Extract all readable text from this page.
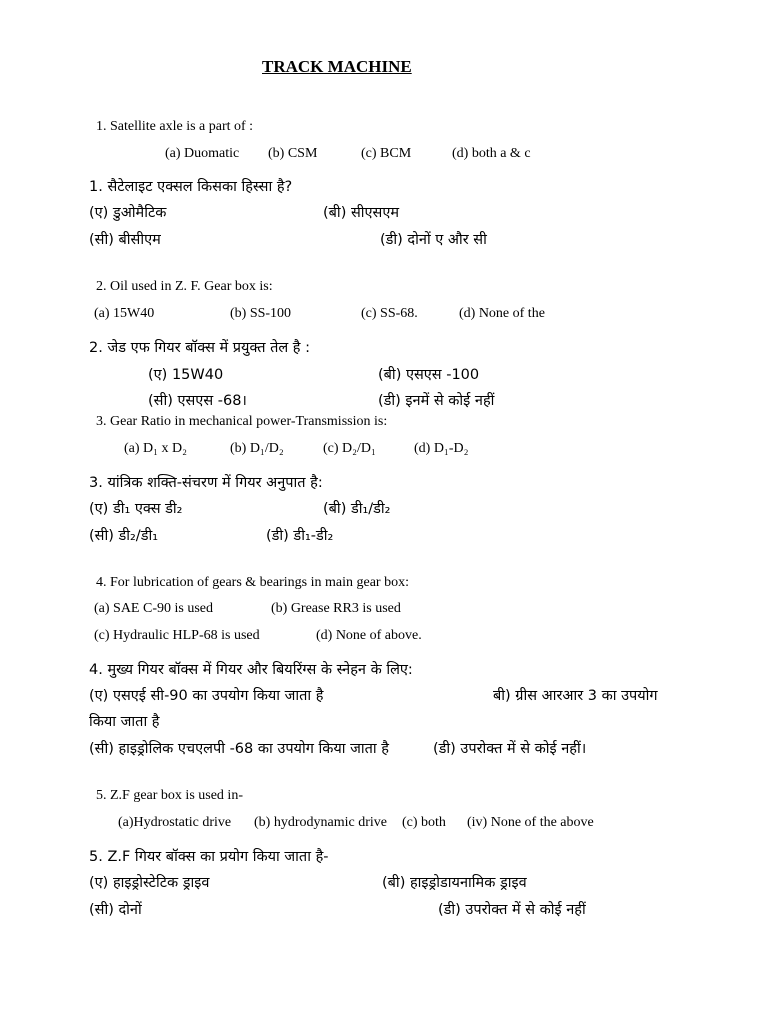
TRACK MACHINE
1. Satellite axle is a part of :
(a) Duomatic (b) CSM	(c) BCM	(d) both a & c
1. सैटेलाइट एक्सल किसका हिस्सा है?
(ए) डुओमैटिक	(बी) सीएसएम
(सी) बीसीएम	(डी) दोनों ए और सी
2. Oil used in Z. F. Gear box is:
(a) 15W40	(b) SS-100	(c) SS-68.	(d) None of the
2. जेड एफ गियर बॉक्स में प्रयुक्त तेल है :
(ए) 15W40	(बी) एसएस -100
(सी) एसएस -68।	(डी) इनमें से कोई नहीं
3. Gear Ratio in mechanical power-Transmission is:
(a) D₁ x D₂	(b) D₁/D₂	(c) D₂/D₁	(d) D₁-D₂
3. यांत्रिक शक्ति-संचरण में गियर अनुपात है:
(ए) डी₁ एक्स डी₂	(बी) डी₁/डी₂
(सी) डी₂/डी₁	(डी) डी₁-डी₂
4. For lubrication of gears & bearings in main gear box:
(a) SAE C-90 is used	(b) Grease RR3 is used
(c) Hydraulic HLP-68 is used	(d) None of above.
4. मुख्य गियर बॉक्स में गियर और बियरिंग्स के स्नेहन के लिए:
(ए) एसएई सी-90 का उपयोग किया जाता है	बी) ग्रीस आरआर 3 का उपयोग
किया जाता है
(सी) हाइड्रोलिक एचएलपी -68 का उपयोग किया जाता है	(डी) उपरोक्त में से कोई नहीं।
5. Z.F gear box is used in-
(a)Hydrostatic drive (b) hydrodynamic drive (c) both (iv) None of the above
5. Z.F गियर बॉक्स का प्रयोग किया जाता है-
(ए) हाइड्रोस्टेटिक ड्राइव	(बी) हाइड्रोडायनामिक ड्राइव
(सी) दोनों	(डी) उपरोक्त में से कोई नहीं
